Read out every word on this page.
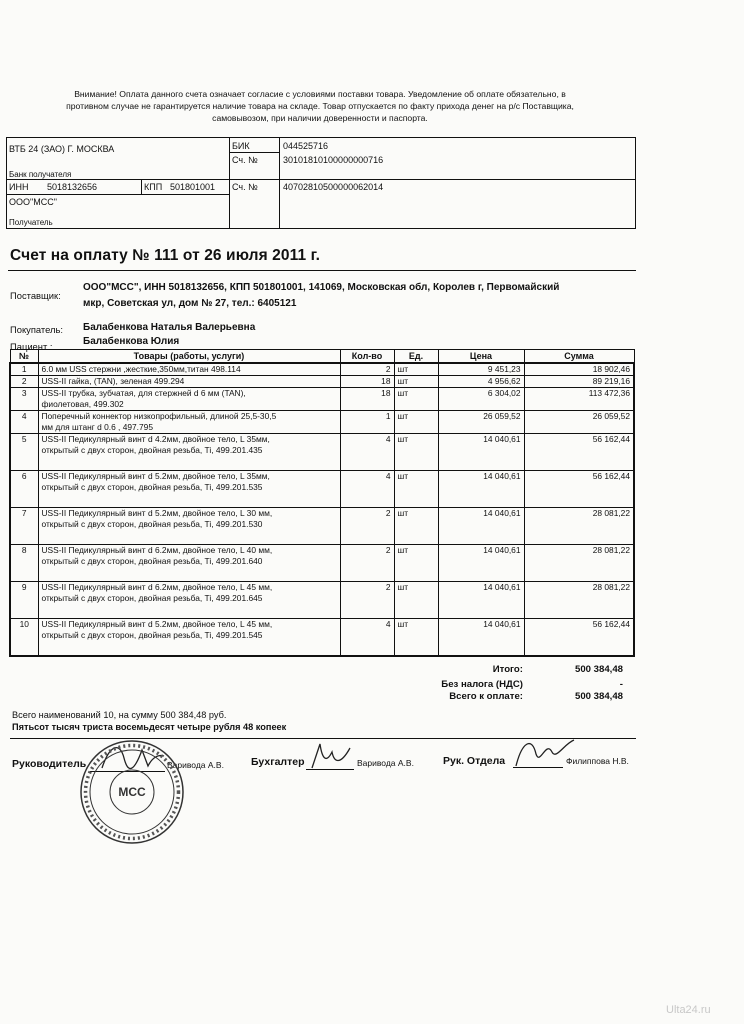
Внимание! Оплата данного счета означает согласие с условиями поставки товара. Уведомление об оплате обязательно, в противном случае не гарантируется наличие товара на складе. Товар отпускается по факту прихода денег на р/с Поставщика, самовывозом, при наличии доверенности и паспорта.
ВТБ 24 (ЗАО) Г. МОСКВА
Банк получателя
ИНН 5018132656	КПП 501801001
ООО"МСС"
Получатель
БИК	044525716
Сч. №	30101810100000000716
Сч. №	40702810500000062014
Счет на оплату № 111 от 26 июля 2011 г.
Поставщик:
ООО"МСС", ИНН 5018132656, КПП 501801001, 141069, Московская обл, Королев г, Первомайский
мкр, Советская ул, дом № 27, тел.: 6405121
Покупатель: Балабенкова Наталья Валерьевна
Пациент :	Балабенкова Юлия
№	Товары (работы, услуги)	Кол-во	Ед.	Цена	Сумма
1	6.0 мм USS стержни ,жесткие,350мм,титан 498.114	2	шт	9 451,23	18 902,46
2	USS-II гайка, (TAN), зеленая 499.294	18	шт	4 956,62	89 219,16
3	USS-II трубка, зубчатая, для стержней d 6 мм (TAN),
фиолетовая, 499.302	18	шт	6 304,02	113 472,36
4	Поперечный коннектор низкопрофильный, длиной 25,5-30,5
мм для штанг d 0.6 , 497.795	1	шт	26 059,52	26 059,52
5	USS-II Педикулярный винт d 4.2мм, двойное тело, L 35мм,
открытый с двух сторон, двойная резьба, Ti, 499.201.435	4	шт	14 040,61	56 162,44
6	USS-II Педикулярный винт d 5.2мм, двойное тело, L 35мм,
открытый с двух сторон, двойная резьба, Ti, 499.201.535	4	шт	14 040,61	56 162,44
7	USS-II Педикулярный винт d 5.2мм, двойное тело, L 30 мм,
открытый с двух сторон, двойная резьба, Ti, 499.201.530	2	шт	14 040,61	28 081,22
8	USS-II Педикулярный винт d 6.2мм, двойное тело, L 40 мм,
открытый с двух сторон, двойная резьба, Ti, 499.201.640	2	шт	14 040,61	28 081,22
9	USS-II Педикулярный винт d 6.2мм, двойное тело, L 45 мм,
открытый с двух сторон, двойная резьба, Ti, 499.201.645	2	шт	14 040,61	28 081,22
10	USS-II Педикулярный винт d 5.2мм, двойное тело, L 45 мм,
открытый с двух сторон, двойная резьба, Ti, 499.201.545	4	шт	14 040,61	56 162,44
Итого:	500 384,48
Без налога (НДС)	-
Всего к оплате:	500 384,48
Всего наименований 10, на сумму 500 384,48 руб.
Пятьсот тысяч триста восемьдесят четыре рубля 48 копеек
Руководитель	Варивода А.В.	Бухгалтер	Варивода А.В.	Рук. Отдела	Филиппова Н.В.
МСС
Ulta24.ru
